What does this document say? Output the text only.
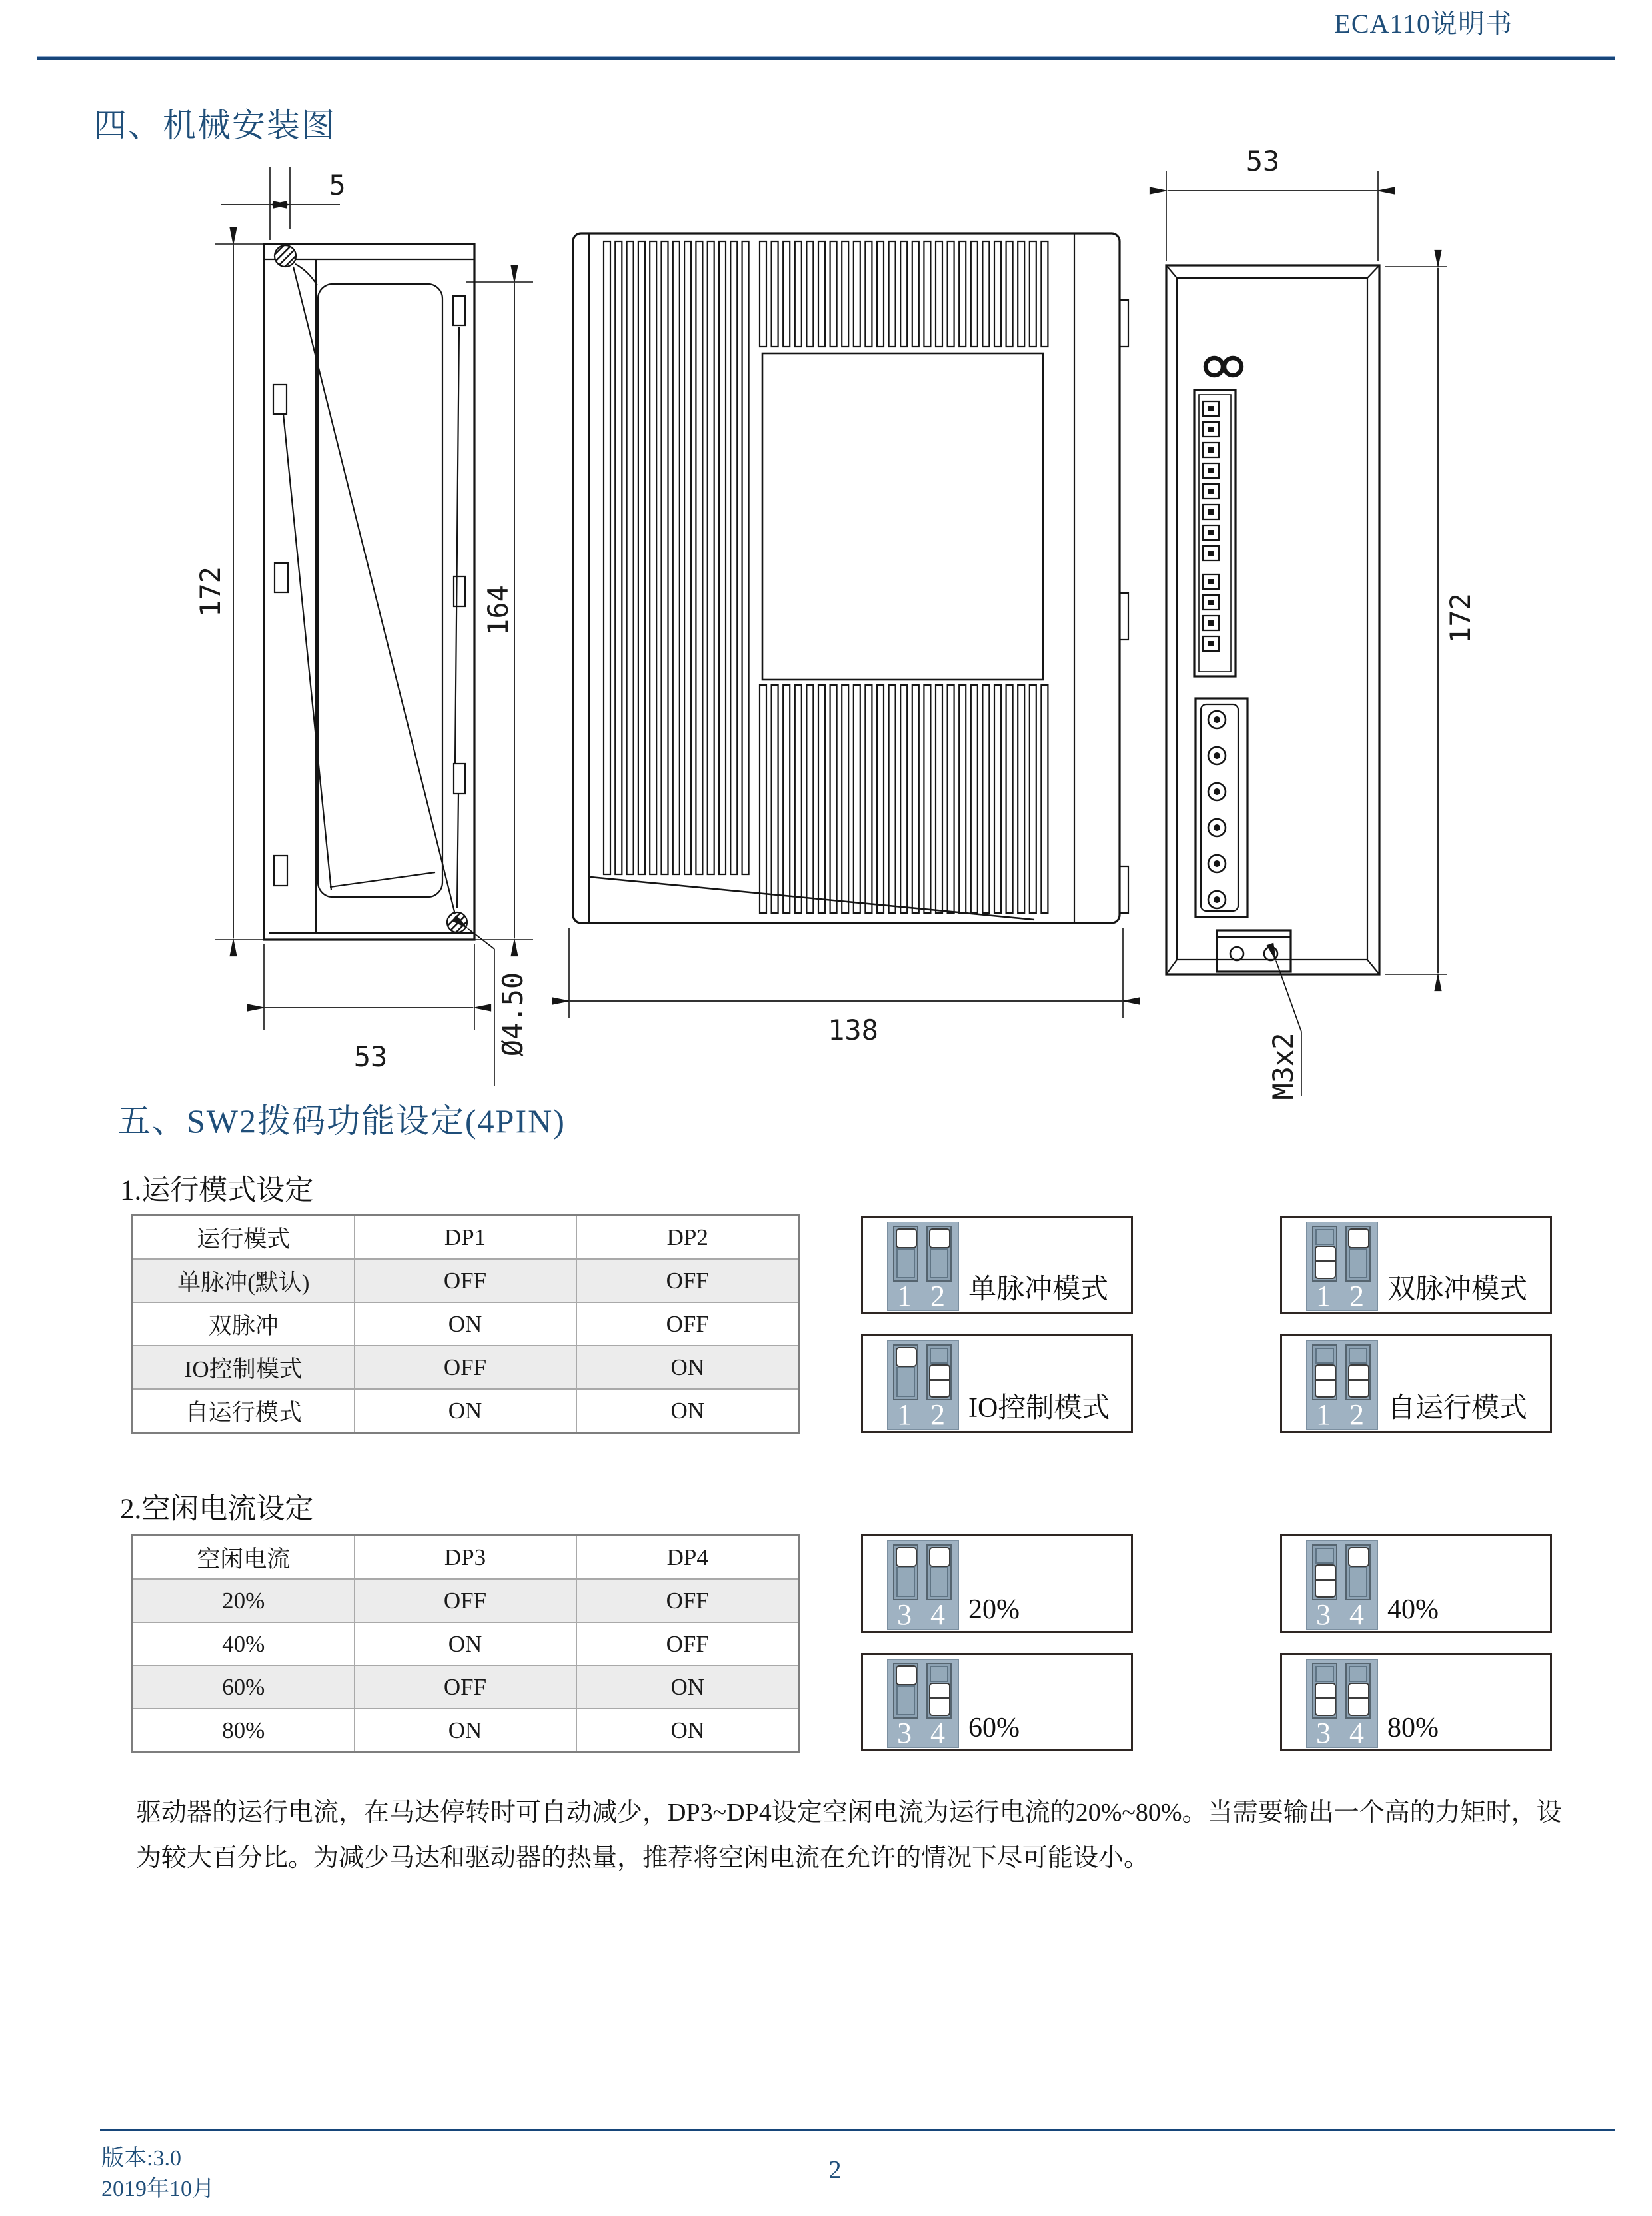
ECA110说明书
四、机械安装图
五、SW2拨码功能设定(4PIN)
1.运行模式设定
2.空闲电流设定
5
172	164
53
Ø4.50	138
53
M3x2
172
运行模式	DP1	DP2
单脉冲(默认)	OFF	OFF
双脉冲	ON	OFF
IO控制模式	OFF	ON
自运行模式	ON	ON
空闲电流	DP3	DP4
20%	OFF	OFF
40%	ON	OFF
60%	OFF	ON
80%	ON	ON
1 2 单脉冲模式	1 2 双脉冲模式
1 2 IO控制模式	1 2 自运行模式
3 4 20%	3 4 40%
3 4 60%	3 4 80%
驱动器的运行电流，在马达停转时可自动减少，DP3~DP4设定空闲电流为运行电流的20%~80%。当需要输出一个高的力矩时，设
为较大百分比。为减少马达和驱动器的热量，推荐将空闲电流在允许的情况下尽可能设小。
版本:3.0
2019年10月
2
